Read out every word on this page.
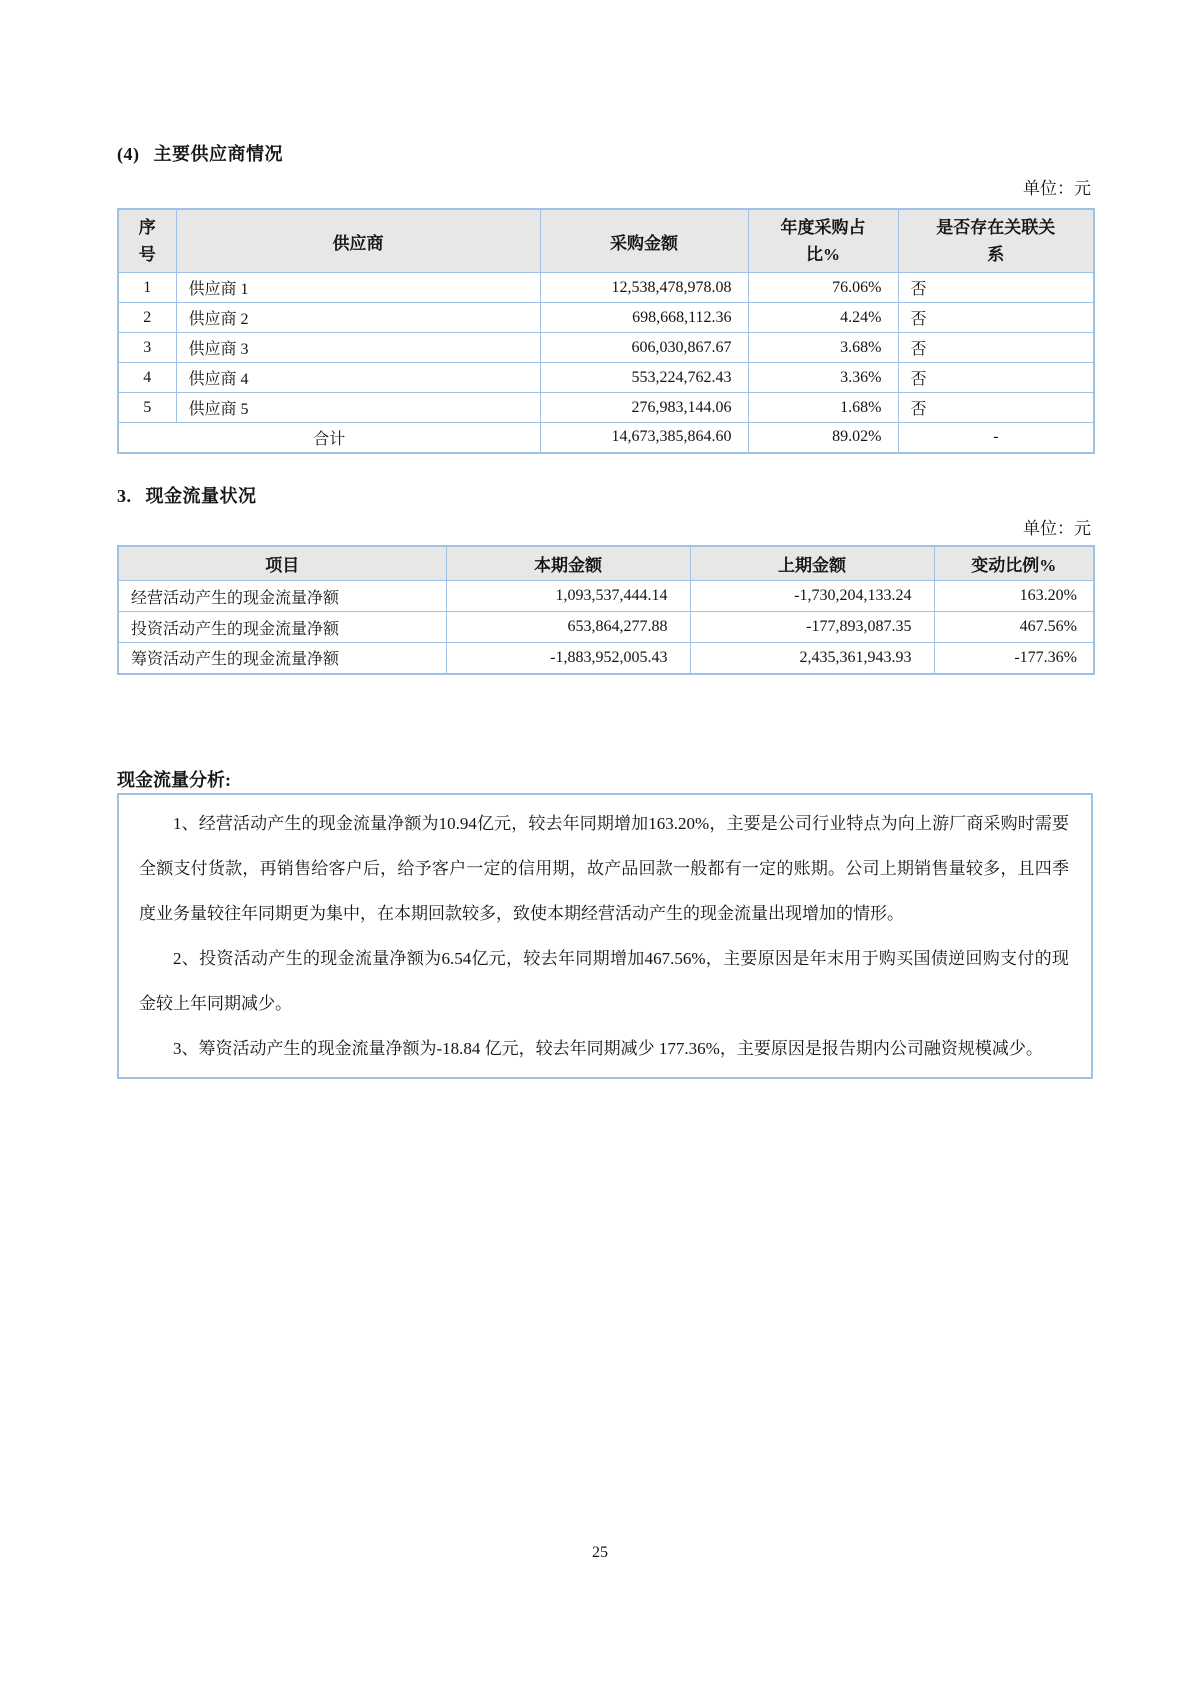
(4) 主要供应商情况
单位：元
序号	供应商	采购金额	年度采购占比%	是否存在关联关系
1	供应商 1	12,538,478,978.08	76.06%	否
2	供应商 2	698,668,112.36	4.24%	否
3	供应商 3	606,030,867.67	3.68%	否
4	供应商 4	553,224,762.43	3.36%	否
5	供应商 5	276,983,144.06	1.68%	否
合计		14,673,385,864.60	89.02%	-
3. 现金流量状况
单位：元
项目	本期金额	上期金额	变动比例%
经营活动产生的现金流量净额	1,093,537,444.14	-1,730,204,133.24	163.20%
投资活动产生的现金流量净额	653,864,277.88	-177,893,087.35	467.56%
筹资活动产生的现金流量净额	-1,883,952,005.43	2,435,361,943.93	-177.36%
现金流量分析:

1、经营活动产生的现金流量净额为10.94亿元，较去年同期增加163.20%，主要是公司行业特点为向上游厂商采购时需要全额支付货款，再销售给客户后，给予客户一定的信用期，故产品回款一般都有一定的账期。公司上期销售量较多，且四季度业务量较往年同期更为集中，在本期回款较多，致使本期经营活动产生的现金流量出现增加的情形。

2、投资活动产生的现金流量净额为6.54亿元，较去年同期增加467.56%，主要原因是年末用于购买国债逆回购支付的现金较上年同期减少。

3、筹资活动产生的现金流量净额为-18.84 亿元，较去年同期减少 177.36%，主要原因是报告期内公司融资规模减少。

25
